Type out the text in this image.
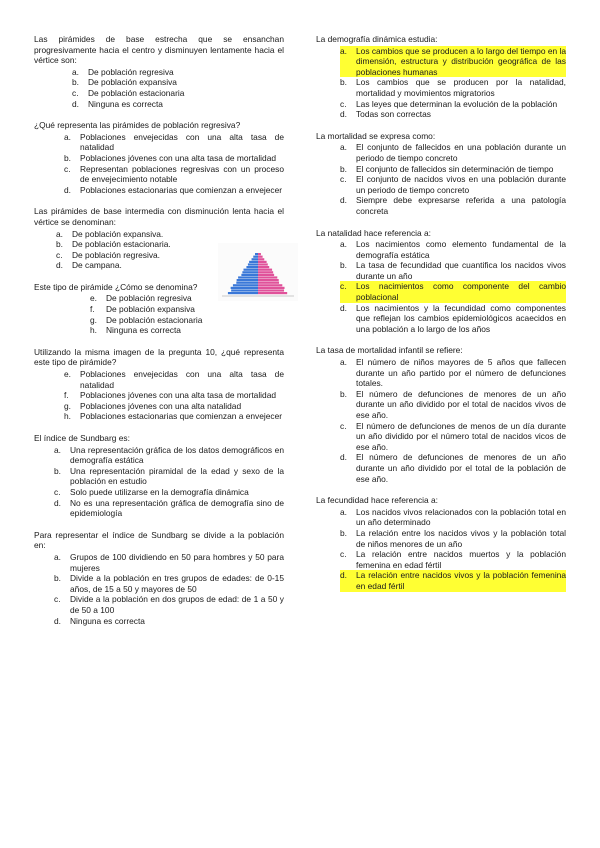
Las pirámides de base estrecha que se ensanchan progresivamente hacia el centro y disminuyen lentamente hacia el vértice son:
a. De población regresiva
b. De población expansiva
c. De población estacionaria
d. Ninguna es correcta
¿Qué representa las pirámides de población regresiva?
a. Poblaciones envejecidas con una alta tasa de natalidad
b. Poblaciones jóvenes con una alta tasa de mortalidad
c. Representan poblaciones regresivas con un proceso de envejecimiento notable
d. Poblaciones estacionarias que comienzan a envejecer
Las pirámides de base intermedia con disminución lenta hacia el vértice se denominan:
a. De población expansiva.
b. De población estacionaria.
c. De población regresiva.
d. De campana.
Este tipo de pirámide ¿Cómo se denomina?
e. De población regresiva
f. De población expansiva
g. De población estacionaria
h. Ninguna es correcta
Utilizando la misma imagen de la pregunta 10, ¿qué representa este tipo de pirámide?
e. Poblaciones envejecidas con una alta tasa de natalidad
f. Poblaciones jóvenes con una alta tasa de mortalidad
g. Poblaciones jóvenes con una alta natalidad
h. Poblaciones estacionarias que comienzan a envejecer
El índice de Sundbarg es:
a. Una representación gráfica de los datos demográficos en demografía estática
b. Una representación piramidal de la edad y sexo de la población en estudio
c. Solo puede utilizarse en la demografía dinámica
d. No es una representación gráfica de demografía sino de epidemiología
Para representar el índice de Sundbarg se divide a la población en:
a. Grupos de 100 dividiendo en 50 para hombres y 50 para mujeres
b. Divide a la población en tres grupos de edades: de 0-15 años, de 15 a 50 y mayores de 50
c. Divide a la población en dos grupos de edad: de 1 a 50 y de 50 a 100
d. Ninguna es correcta
La demografía dinámica estudia:
a. Los cambios que se producen a lo largo del tiempo en la dimensión, estructura y distribución geográfica de las poblaciones humanas
b. Los cambios que se producen por la natalidad, mortalidad y movimientos migratorios
c. Las leyes que determinan la evolución de la población
d. Todas son correctas
La mortalidad se expresa como:
a. El conjunto de fallecidos en una población durante un periodo de tiempo concreto
b. El conjunto de fallecidos sin determinación de tiempo
c. El conjunto de nacidos vivos en una población durante un periodo de tiempo concreto
d. Siempre debe expresarse referida a una patología concreta
La natalidad hace referencia a:
a. Los nacimientos como elemento fundamental de la demografía estática
b. La tasa de fecundidad que cuantifica los nacidos vivos durante un año
c. Los nacimientos como componente del cambio poblacional
d. Los nacimientos y la fecundidad como componentes que reflejan los cambios epidemiológicos acaecidos en una población a lo largo de los años
La tasa de mortalidad infantil se refiere:
a. El número de niños mayores de 5 años que fallecen durante un año partido por el número de defunciones totales.
b. El número de defunciones de menores de un año durante un año dividido por el total de nacidos vivos de ese año.
c. El número de defunciones de menos de un día durante un año dividido por el número total de nacidos vicos de ese año.
d. El número de defunciones de menores de un año durante un año dividido por el total de la población de ese año.
La fecundidad hace referencia a:
a. Los nacidos vivos relacionados con la población total en un año determinado
b. La relación entre los nacidos vivos y la población total de niños menores de un año
c. La relación entre nacidos muertos y la población femenina en edad fértil
d. La relación entre nacidos vivos y la población femenina en edad fértil
